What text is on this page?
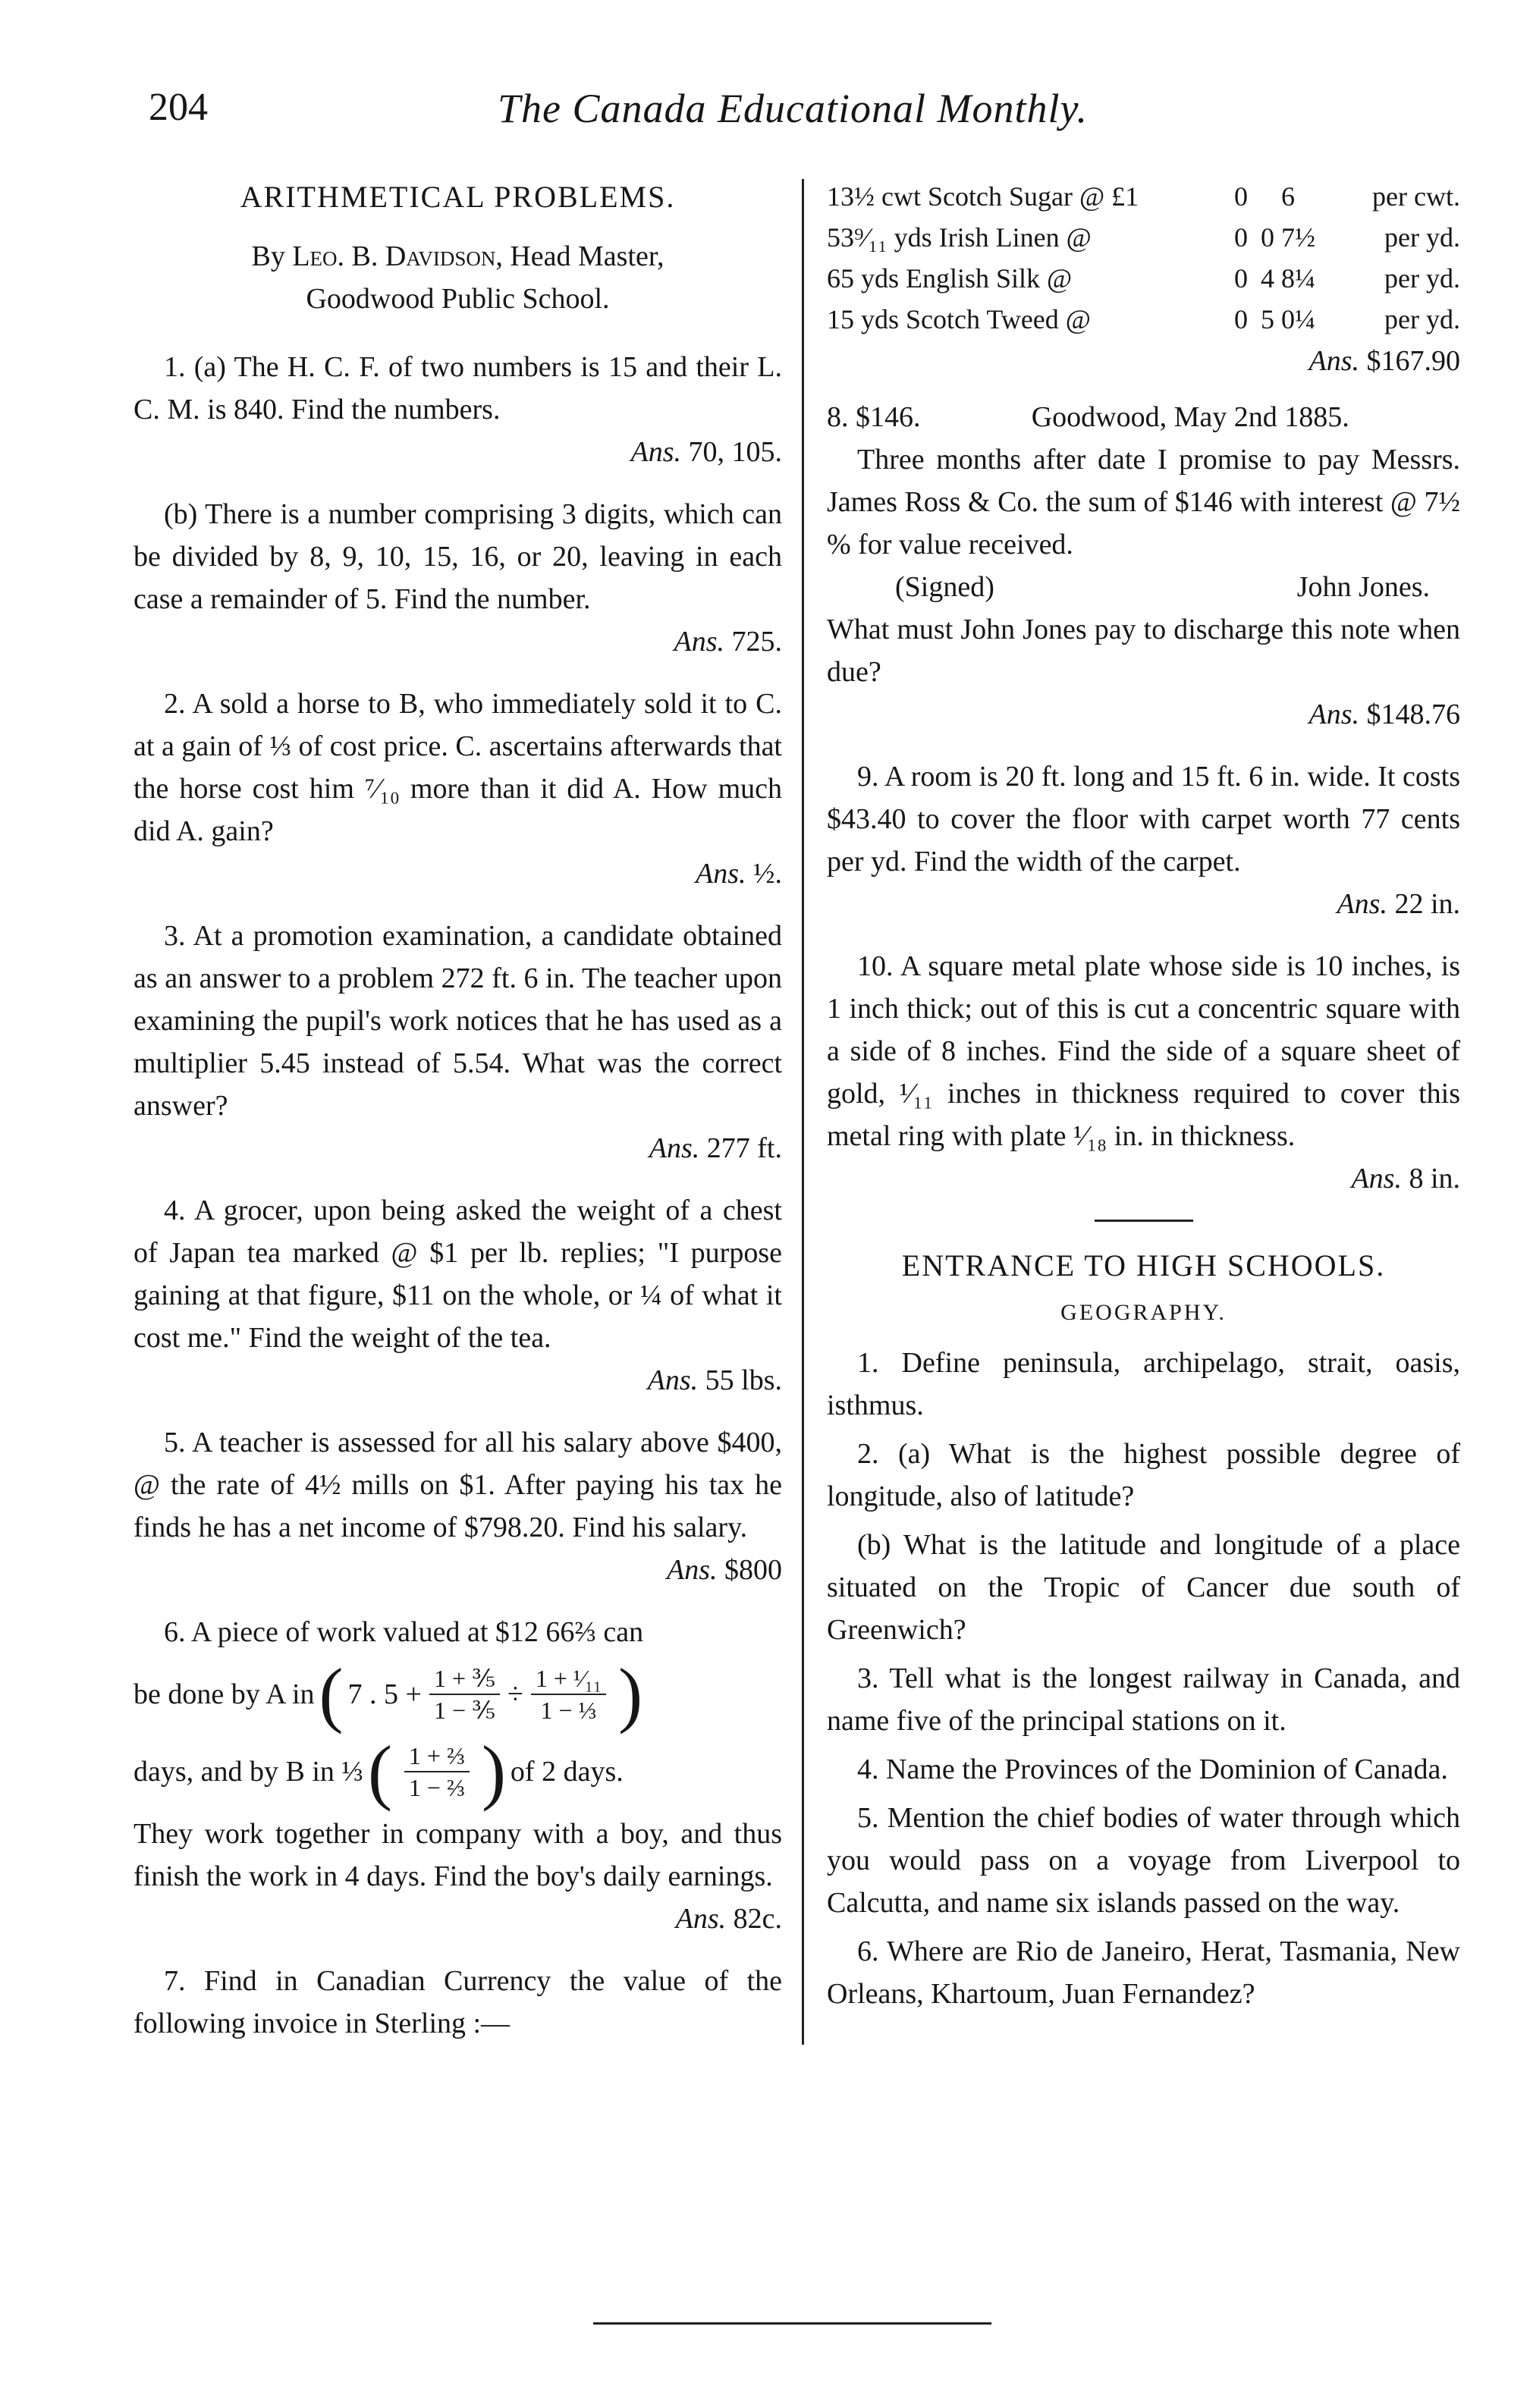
204	The Canada Educational Monthly.
ARITHMETICAL PROBLEMS.
By Leo. B. Davidson, Head Master,
Goodwood Public School.

1. (a) The H. C. F. of two numbers is 15 and their L. C. M. is 840. Find the numbers.

Ans. 70, 105.

(b) There is a number comprising 3 digits, which can be divided by 8, 9, 10, 15, 16, or 20, leaving in each case a remainder of 5. Find the number.

Ans. 725.

2. A sold a horse to B, who immediately sold it to C. at a gain of ⅓ of cost price. C. ascertains afterwards that the horse cost him ⁷⁄₁₀ more than it did A. How much did A. gain?

Ans. ½.

3. At a promotion examination, a candidate obtained as an answer to a problem 272 ft. 6 in. The teacher upon examining the pupil's work notices that he has used as a multiplier 5.45 instead of 5.54. What was the correct answer?

Ans. 277 ft.

4. A grocer, upon being asked the weight of a chest of Japan tea marked @ $1 per lb. replies; "I purpose gaining at that figure, $11 on the whole, or ¼ of what it cost me." Find the weight of the tea.

Ans. 55 lbs.

5. A teacher is assessed for all his salary above $400, @ the rate of 4½ mills on $1. After paying his tax he finds he has a net income of $798.20. Find his salary.

Ans. $800

6. A piece of work valued at $12 66⅔ can

be done by A in ( 7 . $5 + \frac{\text{1 + ⅗}}{\text{1 − ⅗}} \div \frac{\text{1 + ¹⁄₁₁}}{\text{1 − ⅓}}$ )
days, and by B in ⅓ ( $\frac{\text{1 + ⅔}}{\text{1 − ⅔}}$ ) of 2 days.

They work together in company with a boy, and thus finish the work in 4 days. Find the boy's daily earnings.

Ans. 82c.

7. Find in Canadian Currency the value of the following invoice in Sterling :—

13½ cwt Scotch Sugar @ £1	0	6	per cwt.
53⁹⁄₁₁ yds Irish Linen @	0	0 7½	per yd.
65 yds English Silk @	0	4 8¼	per yd.
15 yds Scotch Tweed @	0	5 0¼	per yd.
Ans. $167.90
8. $146.	Goodwood, May 2nd 1885.

Three months after date I promise to pay Messrs. James Ross & Co. the sum of $146 with interest @ 7½ % for value received.

(Signed)	John Jones.

What must John Jones pay to discharge this note when due?

Ans. $148.76

9. A room is 20 ft. long and 15 ft. 6 in. wide. It costs $43.40 to cover the floor with carpet worth 77 cents per yd. Find the width of the carpet.

Ans. 22 in.

10. A square metal plate whose side is 10 inches, is 1 inch thick; out of this is cut a concentric square with a side of 8 inches. Find the side of a square sheet of gold, ¹⁄₁₁ inches in thickness required to cover this metal ring with plate ¹⁄₁₈ in. in thickness.

Ans. 8 in.
ENTRANCE TO HIGH SCHOOLS.
GEOGRAPHY.

1. Define peninsula, archipelago, strait, oasis, isthmus.

2. (a) What is the highest possible degree of longitude, also of latitude?

(b) What is the latitude and longitude of a place situated on the Tropic of Cancer due south of Greenwich?

3. Tell what is the longest railway in Canada, and name five of the principal stations on it.

4. Name the Provinces of the Dominion of Canada.

5. Mention the chief bodies of water through which you would pass on a voyage from Liverpool to Calcutta, and name six islands passed on the way.

6. Where are Rio de Janeiro, Herat, Tasmania, New Orleans, Khartoum, Juan Fernandez?
